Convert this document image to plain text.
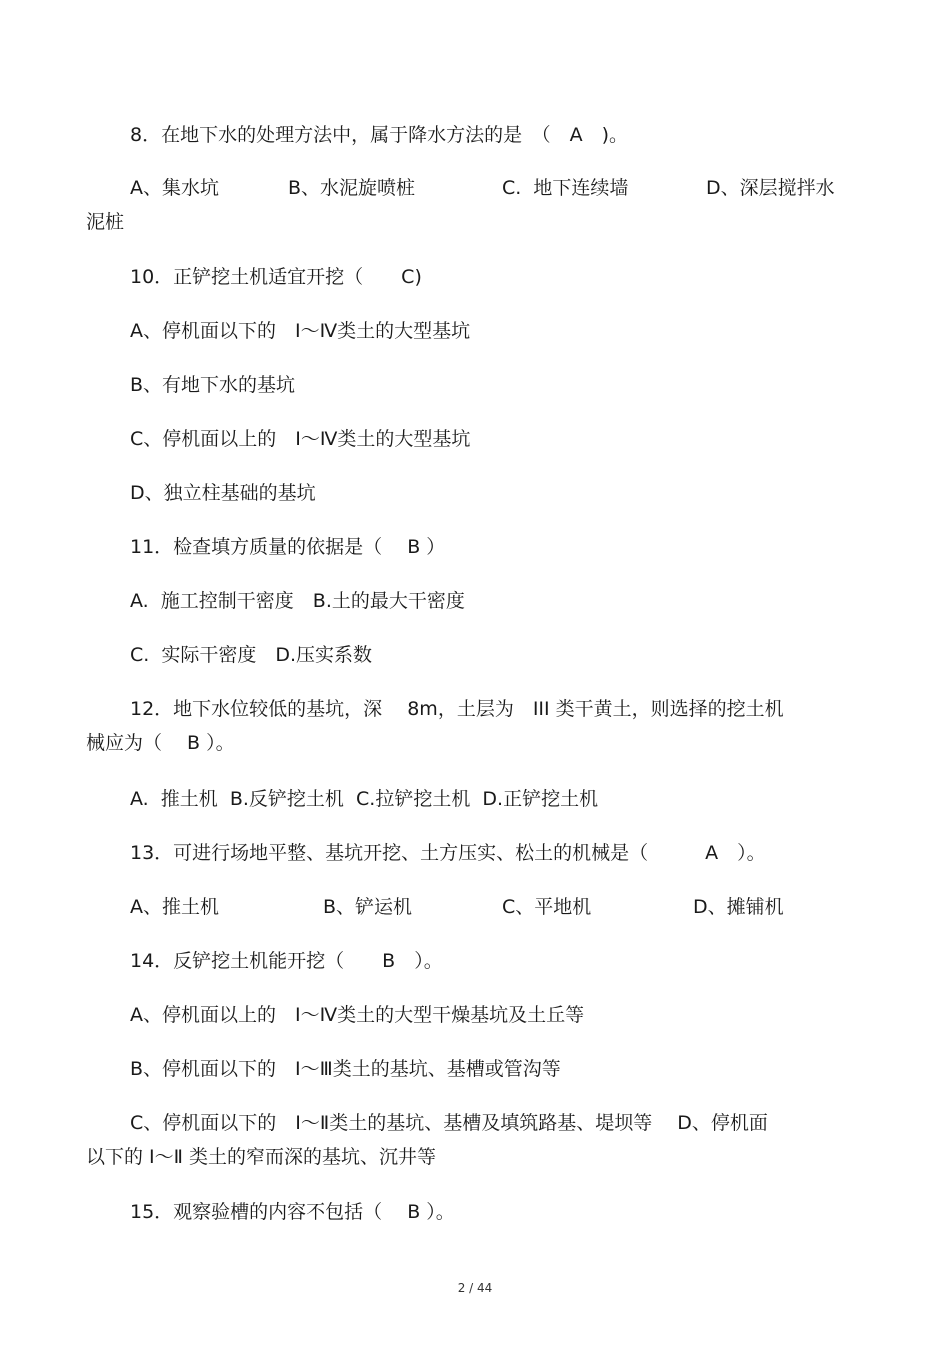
8．在地下水的处理方法中，属于降水方法的是　（　A　)。
A、集水坑	B、水泥旋喷桩	C.  地下连续墙	D、深层搅拌水
泥桩
10．正铲挖土机适宜开挖（　　C)
A、停机面以下的　Ⅰ～Ⅳ类土的大型基坑
B、有地下水的基坑
C、停机面以上的　Ⅰ～Ⅳ类土的大型基坑
D、独立柱基础的基坑
11．检查填方质量的依据是（　 B ）
A.  施工控制干密度　B.土的最大干密度
C.  实际干密度　D.压实系数
12．地下水位较低的基坑，深　 8m，土层为　III 类干黄土，则选择的挖土机
械应为（　 B ）。
A.  推土机  B.反铲挖土机  C.拉铲挖土机  D.正铲挖土机
13．可进行场地平整、基坑开挖、土方压实、松土的机械是（　　　A　）。
A、推土机	B、铲运机	C、平地机	D、摊铺机
14．反铲挖土机能开挖（　　B　）。
A、停机面以上的　Ⅰ～Ⅳ类土的大型干燥基坑及土丘等
B、停机面以下的　Ⅰ～Ⅲ类土的基坑、基槽或管沟等
C、停机面以下的　Ⅰ～Ⅱ类土的基坑、基槽及填筑路基、堤坝等　 D、停机面
以下的 Ⅰ～Ⅱ 类土的窄而深的基坑、沉井等
15．观察验槽的内容不包括（　 B ）。
2 / 44
